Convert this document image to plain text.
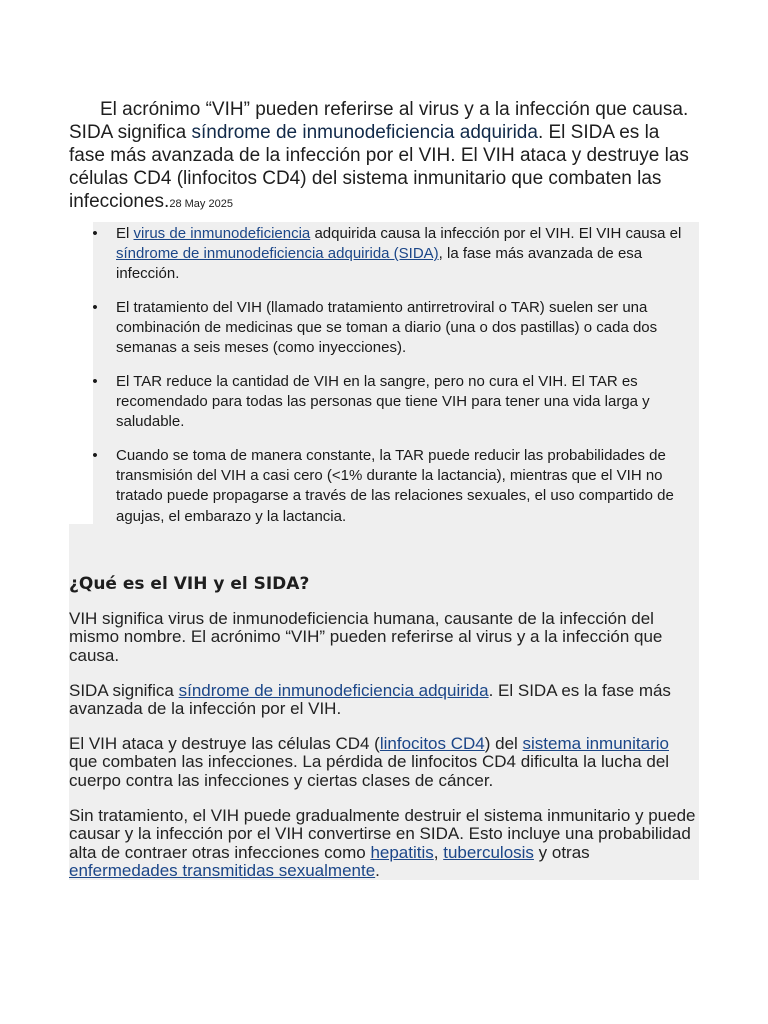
El acrónimo “VIH” pueden referirse al virus y a la infección que causa. SIDA significa síndrome de inmunodeficiencia adquirida. El SIDA es la fase más avanzada de la infección por el VIH. El VIH ataca y destruye las células CD4 (linfocitos CD4) del sistema inmunitario que combaten las infecciones.28 May 2025

• El virus de inmunodeficiencia adquirida causa la infección por el VIH. El VIH causa el síndrome de inmunodeficiencia adquirida (SIDA), la fase más avanzada de esa infección.
• El tratamiento del VIH (llamado tratamiento antirretroviral o TAR) suelen ser una combinación de medicinas que se toman a diario (una o dos pastillas) o cada dos semanas a seis meses (como inyecciones).
• El TAR reduce la cantidad de VIH en la sangre, pero no cura el VIH. El TAR es recomendado para todas las personas que tiene VIH para tener una vida larga y saludable.
• Cuando se toma de manera constante, la TAR puede reducir las probabilidades de transmisión del VIH a casi cero (<1% durante la lactancia), mientras que el VIH no tratado puede propagarse a través de las relaciones sexuales, el uso compartido de agujas, el embarazo y la lactancia.
¿Qué es el VIH y el SIDA?

VIH significa virus de inmunodeficiencia humana, causante de la infección del mismo nombre. El acrónimo “VIH” pueden referirse al virus y a la infección que causa.

SIDA significa síndrome de inmunodeficiencia adquirida. El SIDA es la fase más avanzada de la infección por el VIH.

El VIH ataca y destruye las células CD4 (linfocitos CD4) del sistema inmunitario que combaten las infecciones. La pérdida de linfocitos CD4 dificulta la lucha del cuerpo contra las infecciones y ciertas clases de cáncer.

Sin tratamiento, el VIH puede gradualmente destruir el sistema inmunitario y puede causar y la infección por el VIH convertirse en SIDA. Esto incluye una probabilidad alta de contraer otras infecciones como hepatitis, tuberculosis y otras enfermedades transmitidas sexualmente.
